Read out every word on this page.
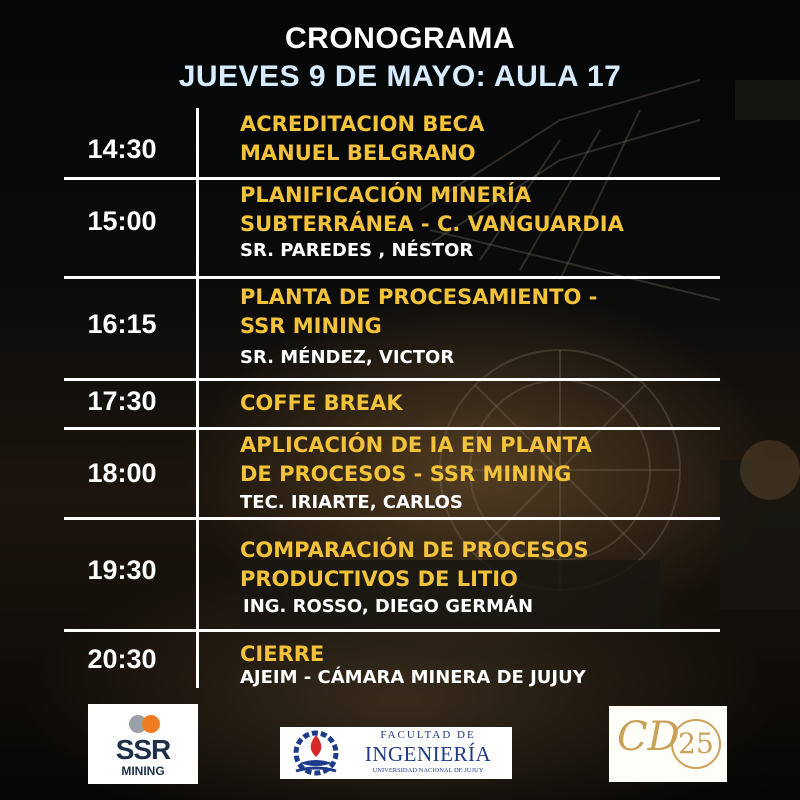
CRONOGRAMA
JUEVES 9 DE MAYO: AULA 17
14:30
ACREDITACION BECA
MANUEL BELGRANO
15:00
PLANIFICACIÓN MINERÍA
SUBTERRÁNEA - C. VANGUARDIA
SR. PAREDES , NÉSTOR
16:15
PLANTA DE PROCESAMIENTO -
SSR MINING
SR. MÉNDEZ, VICTOR
17:30	COFFE BREAK
18:00
APLICACIÓN DE IA EN PLANTA
DE PROCESOS - SSR MINING
TEC. IRIARTE, CARLOS
19:30
COMPARACIÓN DE PROCESOS
PRODUCTIVOS DE LITIO
ING. ROSSO, DIEGO GERMÁN
20:30	CIERRE
AJEIM - CÁMARA MINERA DE JUJUY
SSR
MINING
FACULTAD DE
INGENIERÍA
UNIVERSIDAD NACIONAL DE JUJUY
CD
25
